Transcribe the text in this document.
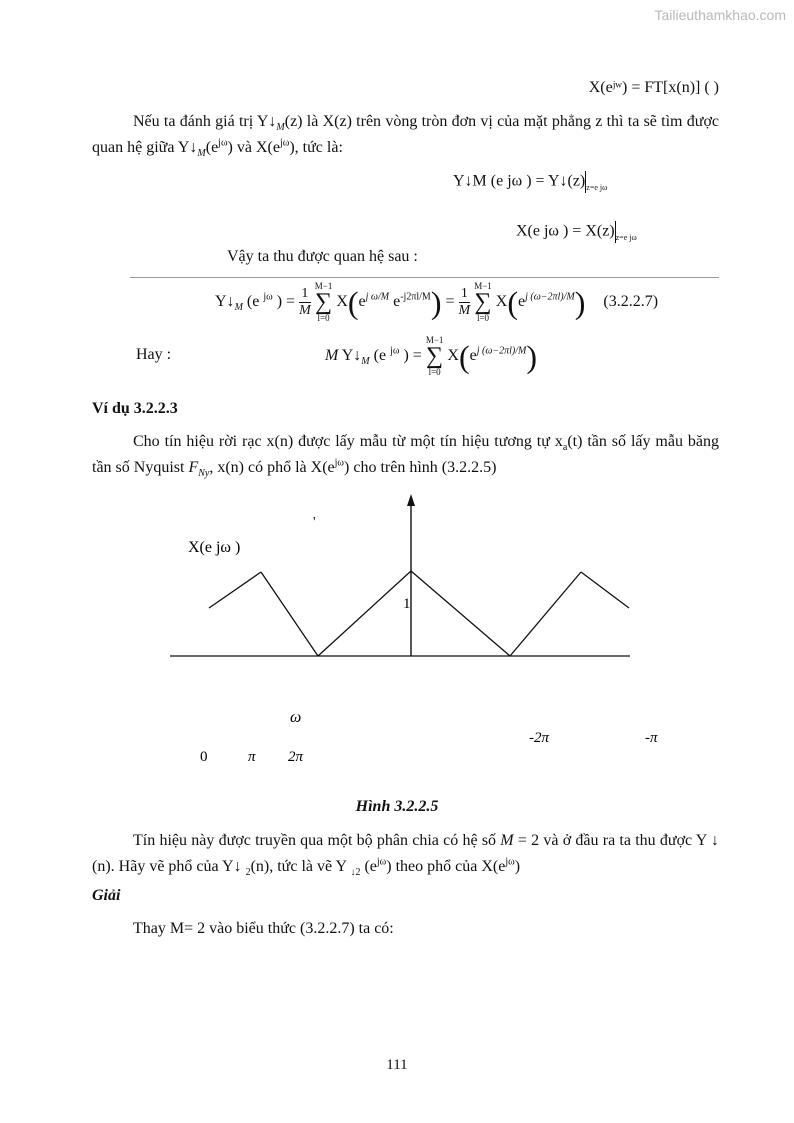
Tailieuthamkhao.com
X(eʲʷ) = FT[x(n)] ( )
Nếu ta đánh giá trị $Y↓_M(z)$ là X(z) trên vòng tròn đơn vị của mặt phẳng z thì ta sẽ tìm được quan hệ giữa $Y↓_M(e^{j\omega})$ và $X(e^{j\omega})$, tức là:
Y↓M (e jω ) = $Y↓(z)_{z=e j\omega}$
X(e jω ) = $X(z)_{z=e j\omega}$
Vậy ta thu được quan hệ sau :
$Y↓_M$ (e $^{j\omega}$ ) = $\frac{1}{M} M-1$
∑
l=0 $X(e^{j \omega/M}$ $e^{-j2\pi l/M}) = \frac{1}{M} M-1$
∑
l=0 $X(e^{j (\omega-2\pi l)/M})$ (3.2.2.7)
Hay :	M $Y↓_M$ (e $^{j\omega}$ ) = M−1
∑
l=0 $X(e^{j (\omega-2\pi l)/M})$
Ví dụ 3.2.2.3
Cho tín hiệu rời rạc x(n) được lấy mẫu từ một tín hiệu tương tự $x_a(t)$ tần số lấy mẫu băng tần số Nyquist $F_{Ny}$, x(n) có phổ là $X(e^{j\omega})$ cho trên hình (3.2.2.5)
'
X(e jω )
1
ω
0	π 2π
-2π	-π
Hình 3.2.2.5
Tín hiệu này được truyền qua một bộ phân chia có hệ số M = 2 và ở đầu ra ta thu được Y ↓ (n). Hãy vẽ phổ của Y↓ $_2$(n), tức là vẽ Y $_{↓2}$ $(e^{j\omega})$ theo phổ của $X(e^{j\omega})$
Giải
Thay M= 2 vào biểu thức (3.2.2.7) ta có:
111
